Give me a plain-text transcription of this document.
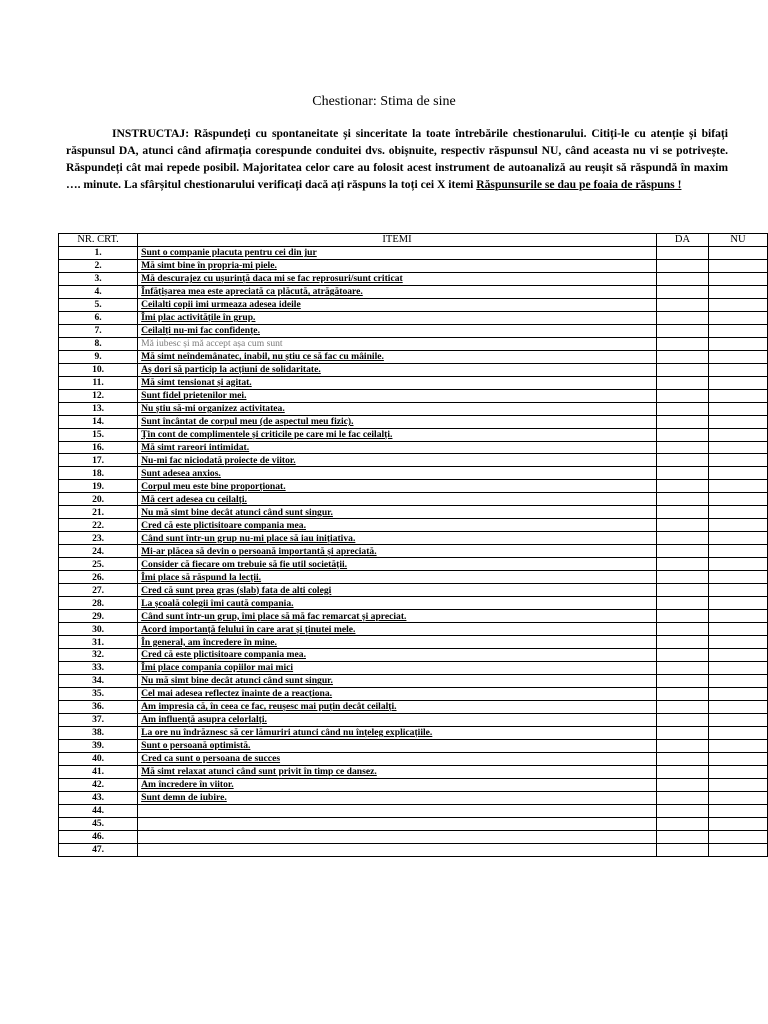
Chestionar: Stima de sine
INSTRUCTAJ: Răspundeți cu spontaneitate și sinceritate la toate întrebările chestionarului. Citiți-le cu atenție și bifați răspunsul DA, atunci când afirmația corespunde conduitei dvs. obișnuite, respectiv răspunsul NU, când aceasta nu vi se potrivește. Răspundeți cât mai repede posibil. Majoritatea celor care au folosit acest instrument de autoanaliză au reușit să răspundă în maxim …. minute. La sfârșitul chestionarului verificați dacă ați răspuns la toți cei X itemi Răspunsurile se dau pe foaia de răspuns !
NR. CRT.	ITEMI	DA	NU
1.	Sunt o companie placuta pentru cei din jur		
2.	Mă simt bine în propria-mi piele.		
3.	Mă descurajez cu ușurință daca mi se fac reprosuri/sunt criticat		
4.	Înfățișarea mea este apreciată ca plăcută, atrăgătoare.		
5.	Ceilalti copii imi urmeaza adesea ideile		
6.	Îmi plac activitățile în grup.		
7.	Ceilalți nu-mi fac confidențe.		
8.	Mă iubesc și mă accept așa cum sunt		
9.	Mă simt neîndemânatec, inabil, nu știu ce să fac cu mâinile.		
10.	Aș dori să particip la acțiuni de solidaritate.		
11.	Mă simt tensionat și agitat.		
12.	Sunt fidel prietenilor mei.		
13.	Nu știu să-mi organizez activitatea.		
14.	Sunt încântat de corpul meu (de aspectul meu fizic).		
15.	Țin cont de complimentele și criticile pe care mi le fac ceilalți.		
16.	Mă simt rareori intimidat.		
17.	Nu-mi fac niciodată proiecte de viitor.		
18.	Sunt adesea anxios.		
19.	Corpul meu este bine proporționat.		
20.	Mă cert adesea cu ceilalți.		
21.	Nu mă simt bine decât atunci când sunt singur.		
22.	Cred că este plictisitoare compania mea.		
23.	Când sunt într-un grup nu-mi place să iau inițiativa.		
24.	Mi-ar plăcea să devin o persoană importantă și apreciată.		
25.	Consider că fiecare om trebuie să fie util societății.		
26.	Îmi place să răspund la lecții.		
27.	Cred că sunt prea gras (slab) fata de alti colegi		
28.	La școală colegii îmi caută compania.		
29.	Când sunt într-un grup, îmi place să mă fac remarcat și apreciat.		
30.	Acord importanță felului în care arat și ținutei mele.		
31.	În general, am încredere în mine.		
32.	Cred că este plictisitoare compania mea.		
33.	Îmi place compania copiilor mai mici		
34.	Nu mă simt bine decât atunci când sunt singur.		
35.	Cel mai adesea reflectez înainte de a reacționa.		
36.	Am impresia că, în ceea ce fac, reușesc mai puțin decât ceilalți.		
37.	Am influență asupra celorlalți.		
38.	La ore nu îndrăznesc să cer lămuriri atunci când nu înțeleg explicațiile.		
39.	Sunt o persoană optimistă.		
40.	Cred ca sunt o persoana de succes		
41.	Mă simt relaxat atunci când sunt privit în timp ce dansez.		
42.	Am încredere în viitor.		
43.	Sunt demn de iubire.		
44.			
45.			
46.			
47.			
